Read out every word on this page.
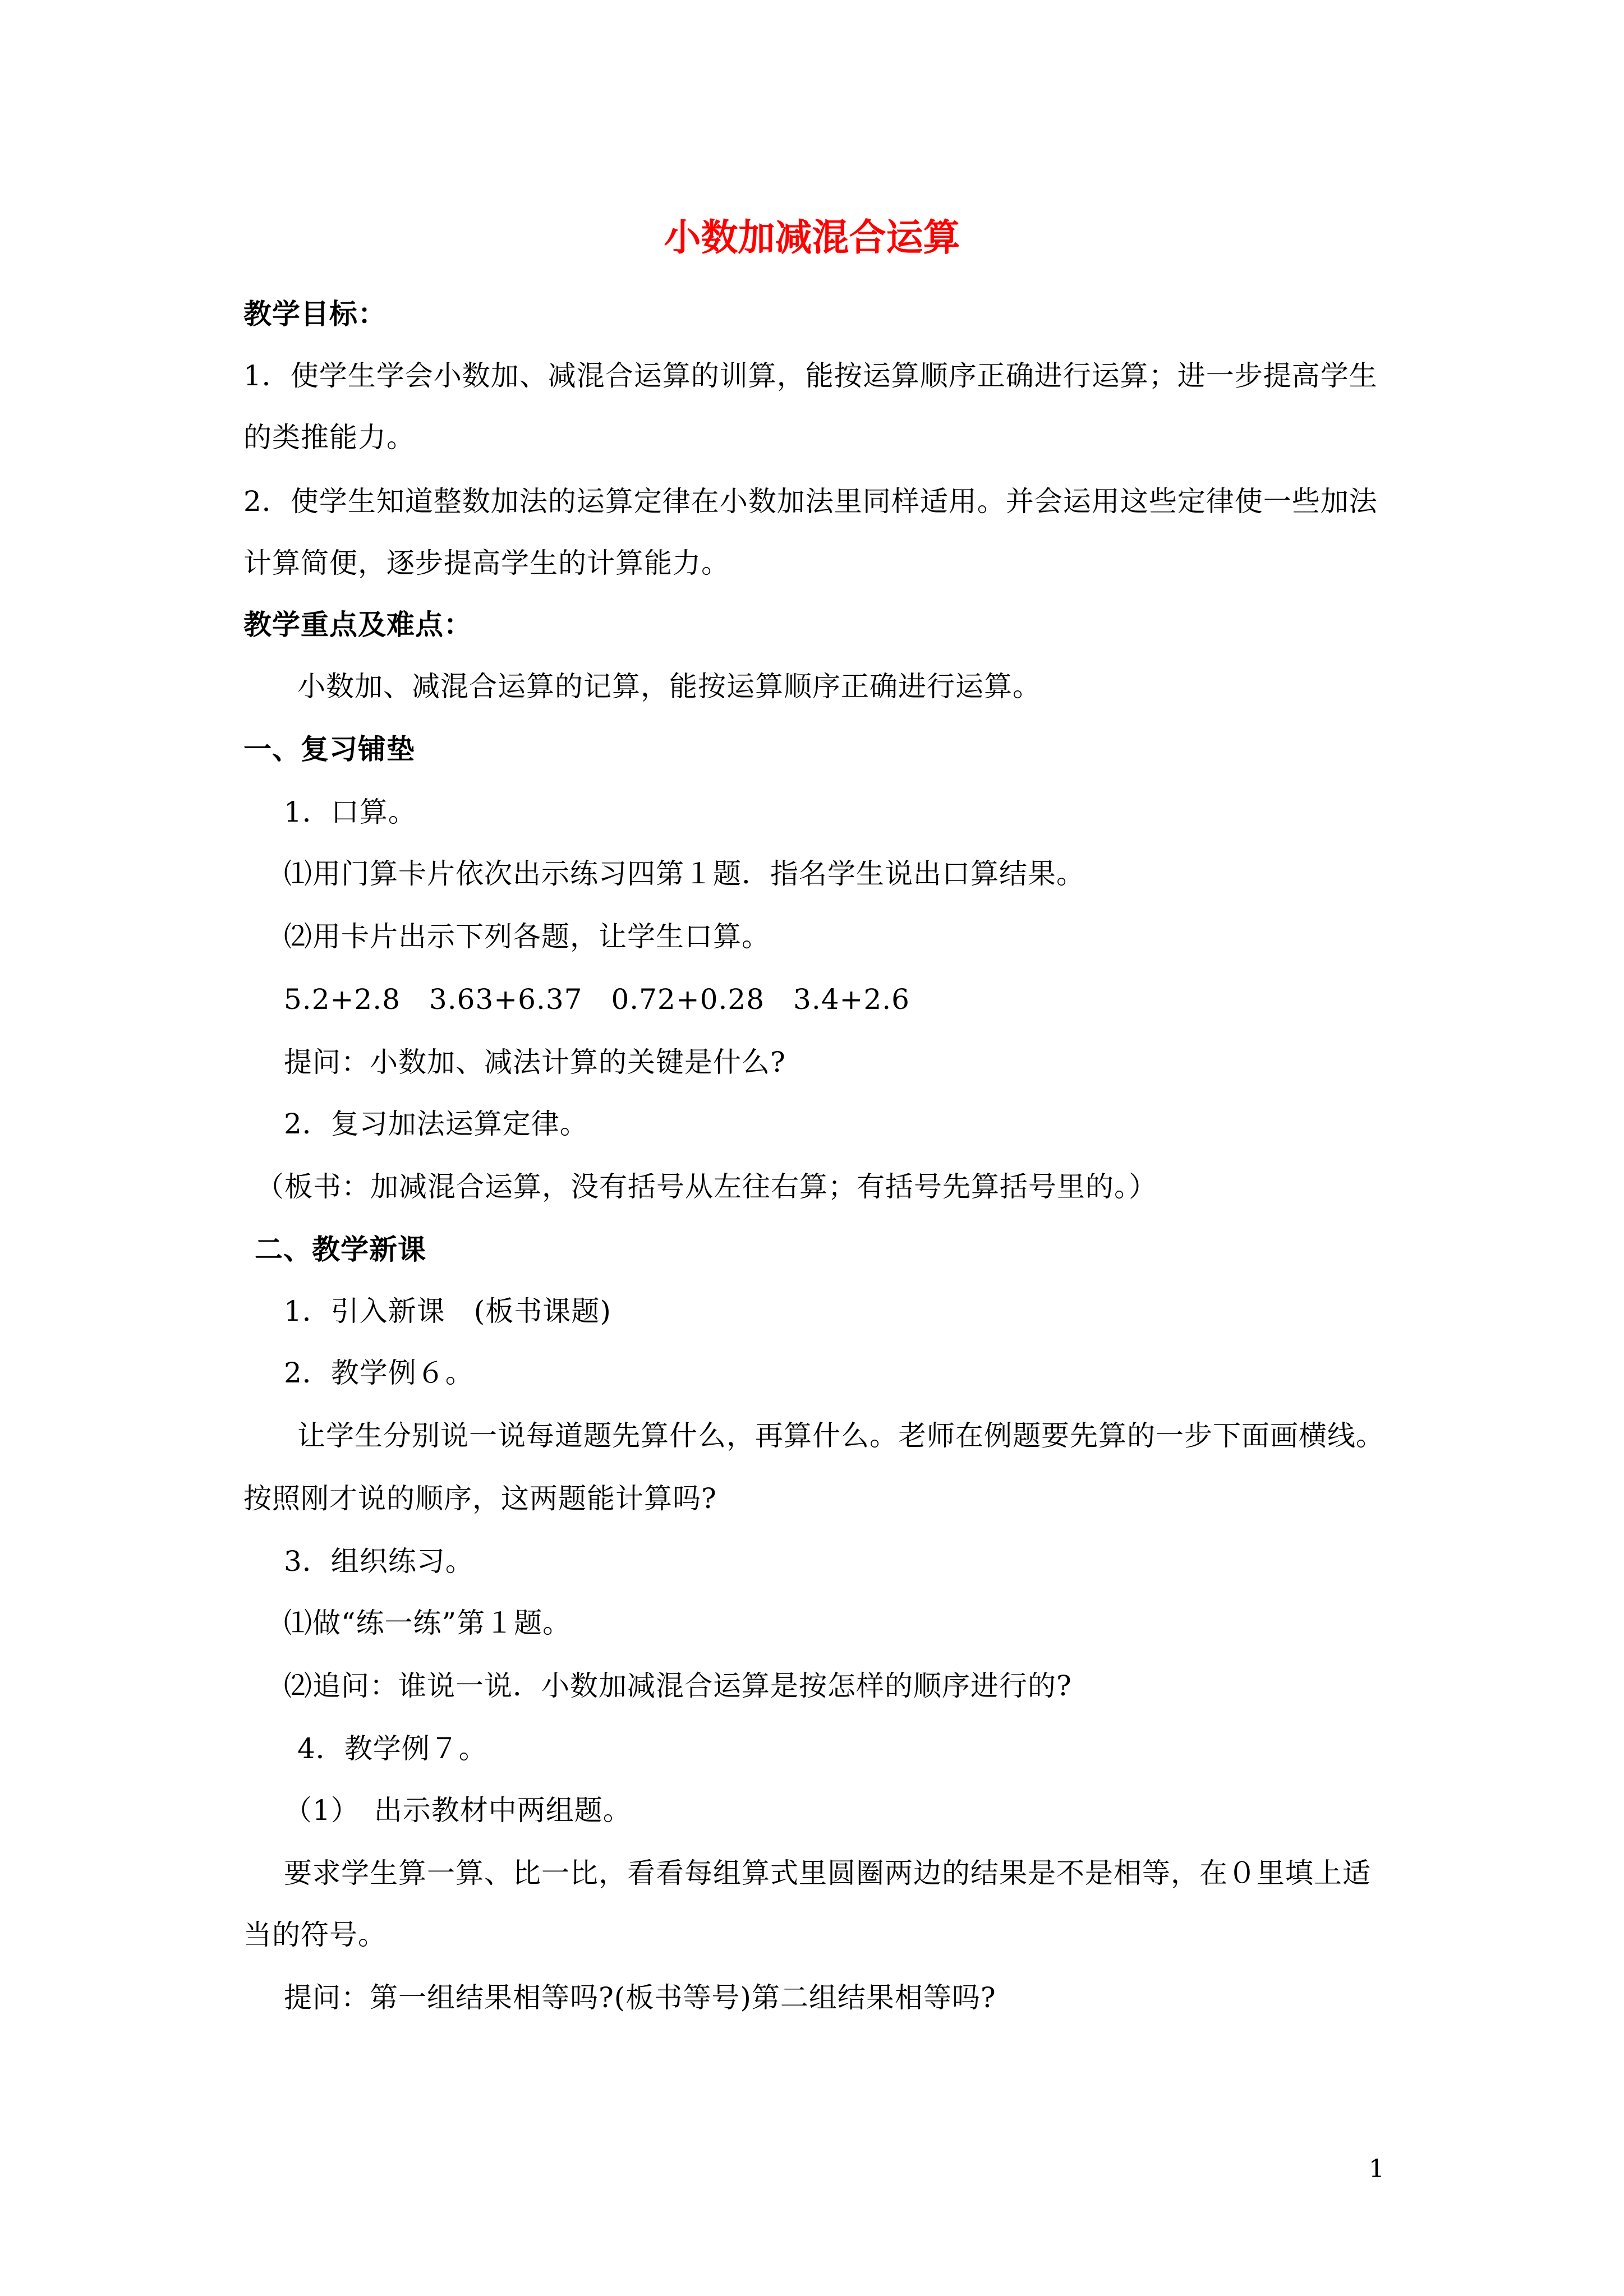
小数加减混合运算
教学目标：
1．使学生学会小数加、减混合运算的训算，能按运算顺序正确进行运算；进一步提高学生
的类推能力。
2．使学生知道整数加法的运算定律在小数加法里同样适用。并会运用这些定律使一些加法
计算简便，逐步提高学生的计算能力。
教学重点及难点：
小数加、减混合运算的记算，能按运算顺序正确进行运算。
一、复习铺垫
1．口算。
⑴用门算卡片依次出示练习四第１题．指名学生说出口算结果。
⑵用卡片出示下列各题，让学生口算。
5.2+2.8　3.63+6.37　0.72+0.28　3.4+2.6
提问：小数加、减法计算的关键是什么?
2．复习加法运算定律。
（板书：加减混合运算，没有括号从左往右算；有括号先算括号里的。）
二、教学新课
1．引入新课　(板书课题)
2．教学例６。
让学生分别说一说每道题先算什么，再算什么。老师在例题要先算的一步下面画横线。
按照刚才说的顺序，这两题能计算吗?
3．组织练习。
⑴做“练一练”第１题。
⑵追问：谁说一说．小数加减混合运算是按怎样的顺序进行的?
4．教学例７。
（1）　出示教材中两组题。
要求学生算一算、比一比，看看每组算式里圆圈两边的结果是不是相等，在０里填上适
当的符号。
提问：第一组结果相等吗?(板书等号)第二组结果相等吗?
1
